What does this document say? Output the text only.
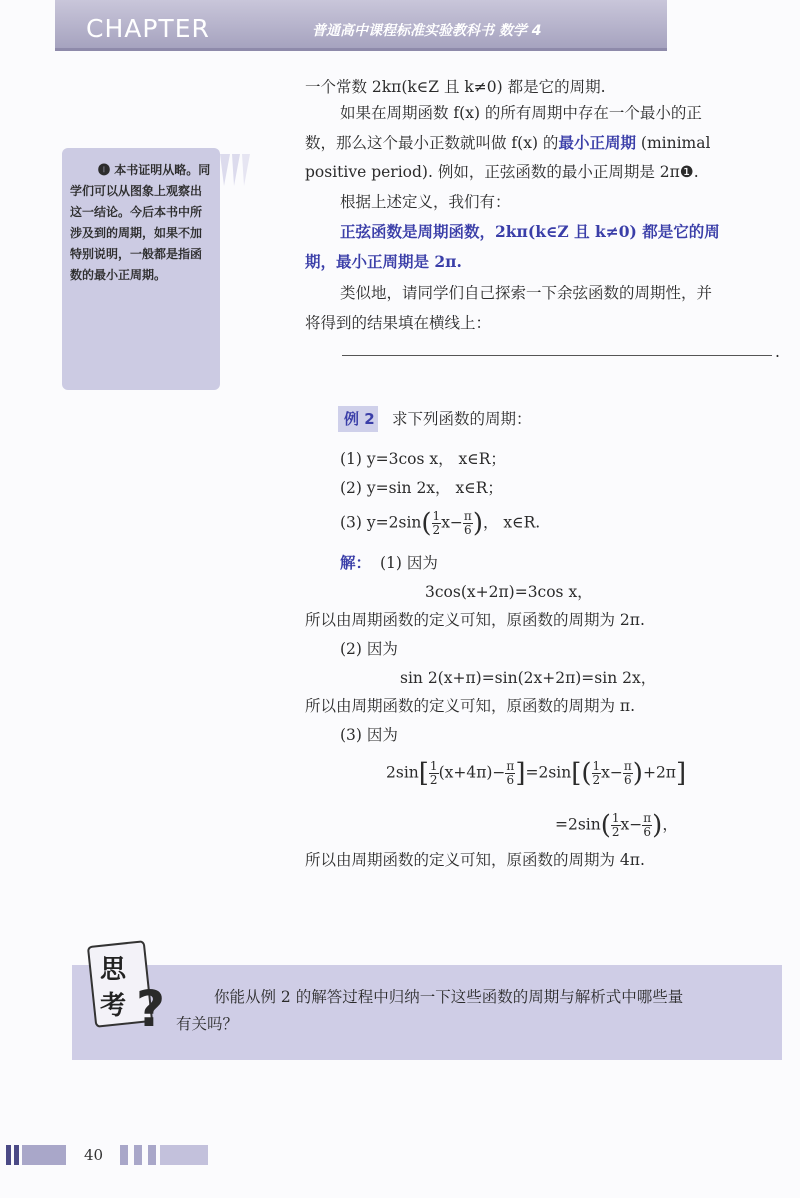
CHAPTER	普通高中课程标准实验教科书 数学 4
❶ 本书证明从略。同学们可以从图象上观察出这一结论。今后本书中所涉及到的周期，如果不加特别说明，一般都是指函数的最小正周期。
一个常数 2kπ(k∈Z 且 k≠0) 都是它的周期.
如果在周期函数 f(x) 的所有周期中存在一个最小的正
数，那么这个最小正数就叫做 f(x) 的最小正周期 (minimal
positive period). 例如，正弦函数的最小正周期是 2π❶.
根据上述定义，我们有：
正弦函数是周期函数，2kπ(k∈Z 且 k≠0) 都是它的周
期，最小正周期是 2π.
类似地，请同学们自己探索一下余弦函数的周期性，并
将得到的结果填在横线上：
.
例 2 求下列函数的周期：
(1) y=3cos x， x∈R；
(2) y=sin 2x， x∈R；
(3) $y=2\sin( \frac{1}{2} x- \frac{\pi}{6}$ )， x∈R.
解： (1) 因为
3cos(x+2π)=3cos x，
所以由周期函数的定义可知，原函数的周期为 2π.
(2) 因为
sin 2(x+π)=sin(2x+2π)=sin 2x，
所以由周期函数的定义可知，原函数的周期为 π.
(3) 因为
$2\sin[ \frac{1}{2} (x+4\pi)- \frac{\pi}{6} ]=2\sin[( \frac{1}{2} x- \frac{\pi}{6} )+2\pi]$
$=2\sin( \frac{1}{2} x- \frac{\pi}{6}$ )，
所以由周期函数的定义可知，原函数的周期为 4π.
思
考 ?	你能从例 2 的解答过程中归纳一下这些函数的周期与解析式中哪些量
有关吗？
40
